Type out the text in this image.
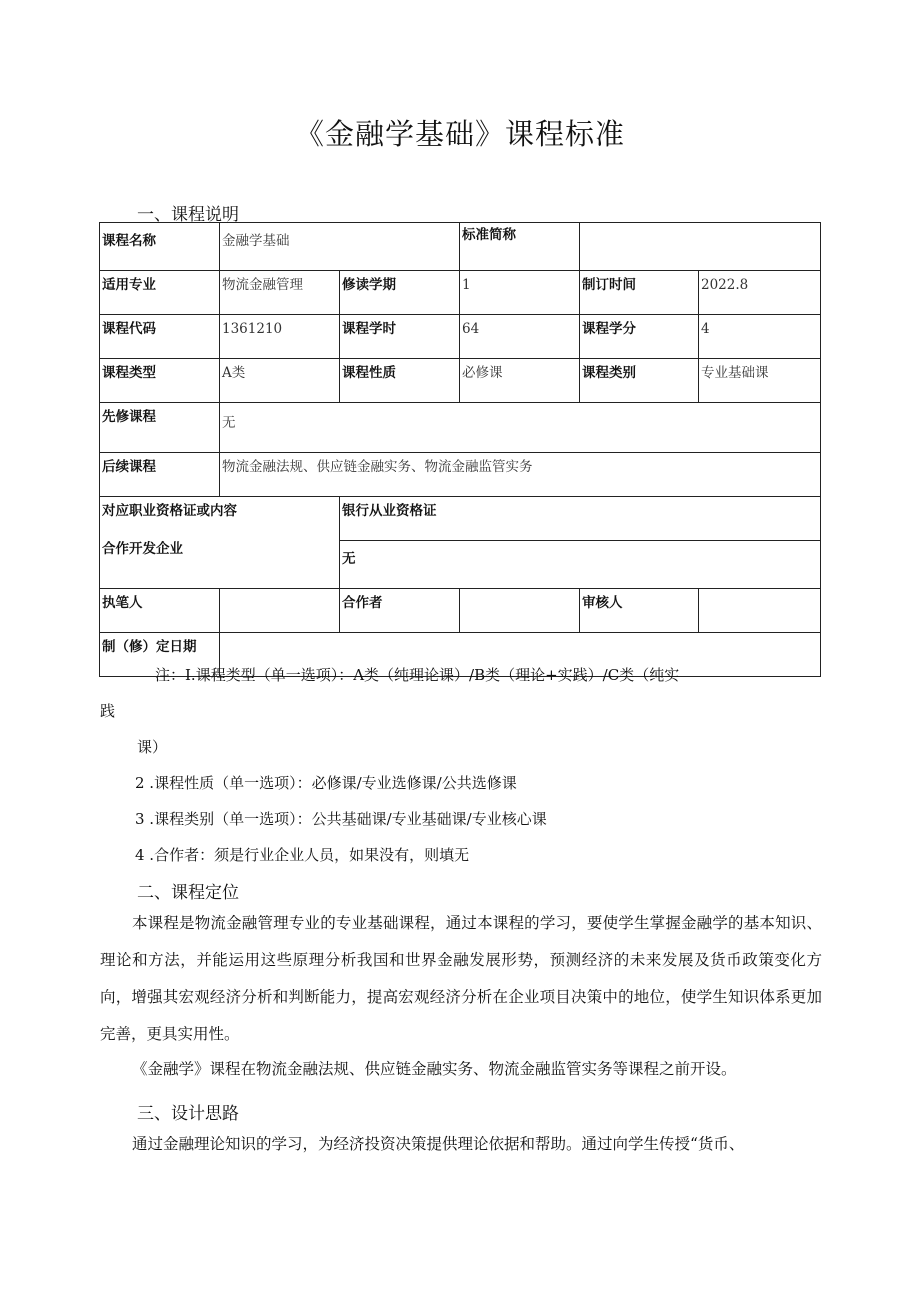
《金融学基础》课程标准
一、课程说明
课程名称	金融学基础		标准简称		
适用专业	物流金融管理	修读学期	1	制订时间	2022.8
课程代码	1361210	课程学时	64	课程学分	4
课程类型	A类	课程性质	必修课	课程类别	专业基础课
先修课程	无				
后续课程	物流金融法规、供应链金融实务、物流金融监管实务				
对应职业资格证或内容		银行从业资格证			
合作开发企业		无			
执笔人		合作者		审核人	
制（修）定日期					
注：I.课程类型（单一选项）：A类（纯理论课）/B类（理论+实践）/C类（纯实
践
课）
2 .课程性质（单一选项）：必修课/专业选修课/公共选修课
3 .课程类别（单一选项）：公共基础课/专业基础课/专业核心课
4 .合作者：须是行业企业人员，如果没有，则填无
二、课程定位
本课程是物流金融管理专业的专业基础课程，通过本课程的学习，要使学生掌握金融学的基本知识、理论和方法，并能运用这些原理分析我国和世界金融发展形势，预测经济的未来发展及货币政策变化方向，增强其宏观经济分析和判断能力，提高宏观经济分析在企业项目决策中的地位，使学生知识体系更加完善，更具实用性。
《金融学》课程在物流金融法规、供应链金融实务、物流金融监管实务等课程之前开设。
三、设计思路
通过金融理论知识的学习，为经济投资决策提供理论依据和帮助。通过向学生传授“货币、
